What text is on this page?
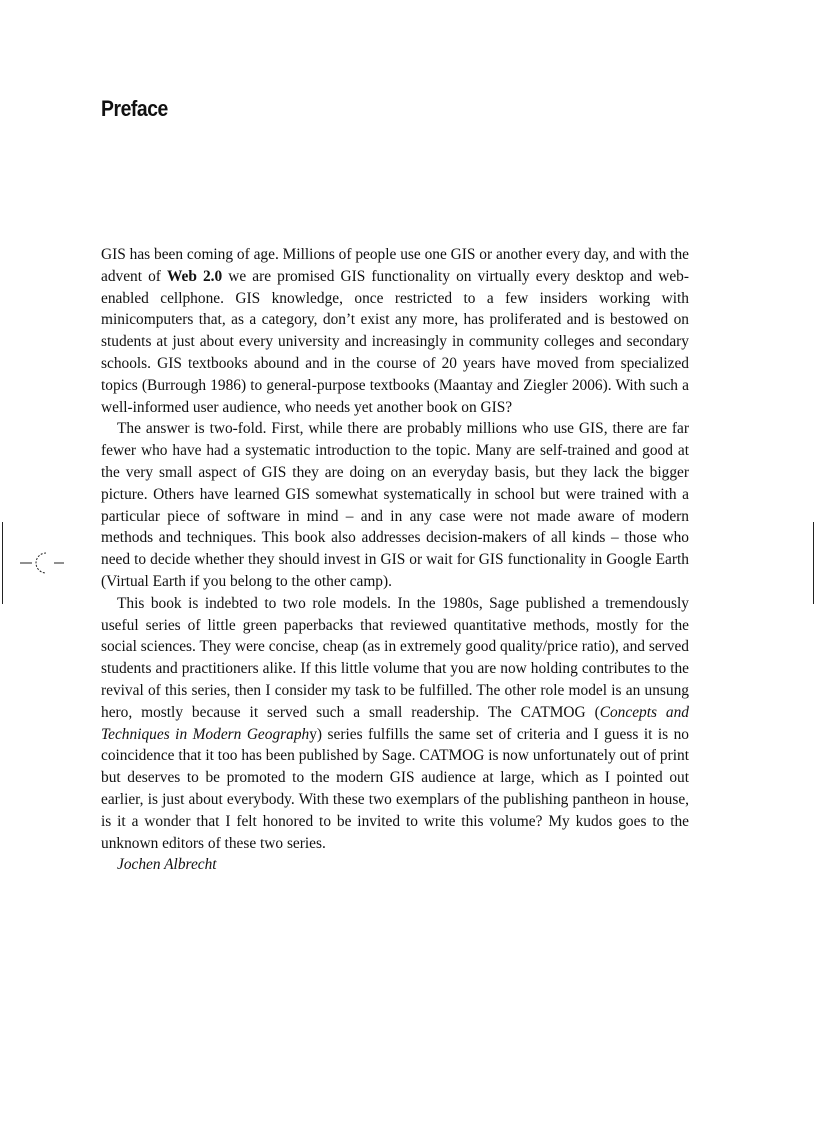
Preface

GIS has been coming of age. Millions of people use one GIS or another every day, and with the advent of Web 2.0 we are promised GIS functionality on virtually every desktop and web-enabled cellphone. GIS knowledge, once restricted to a few insiders working with minicomputers that, as a category, don’t exist any more, has proliferated and is bestowed on students at just about every university and increasingly in community colleges and secondary schools. GIS textbooks abound and in the course of 20 years have moved from specialized topics (Burrough 1986) to general-purpose textbooks (Maantay and Ziegler 2006). With such a well-informed user audience, who needs yet another book on GIS?

The answer is two-fold. First, while there are probably millions who use GIS, there are far fewer who have had a systematic introduction to the topic. Many are self-trained and good at the very small aspect of GIS they are doing on an everyday basis, but they lack the bigger picture. Others have learned GIS somewhat systematically in school but were trained with a particular piece of software in mind – and in any case were not made aware of modern methods and techniques. This book also addresses decision-makers of all kinds – those who need to decide whether they should invest in GIS or wait for GIS functionality in Google Earth (Virtual Earth if you belong to the other camp).

This book is indebted to two role models. In the 1980s, Sage published a tremendously useful series of little green paperbacks that reviewed quantitative methods, mostly for the social sciences. They were concise, cheap (as in extremely good quality/price ratio), and served students and practitioners alike. If this little volume that you are now holding contributes to the revival of this series, then I consider my task to be fulfilled. The other role model is an unsung hero, mostly because it served such a small readership. The CATMOG (Concepts and Techniques in Modern Geography) series fulfills the same set of criteria and I guess it is no coincidence that it too has been published by Sage. CATMOG is now unfortunately out of print but deserves to be promoted to the modern GIS audience at large, which as I pointed out earlier, is just about everybody. With these two exemplars of the publishing pantheon in house, is it a wonder that I felt honored to be invited to write this volume? My kudos goes to the unknown editors of these two series.

Jochen Albrecht
